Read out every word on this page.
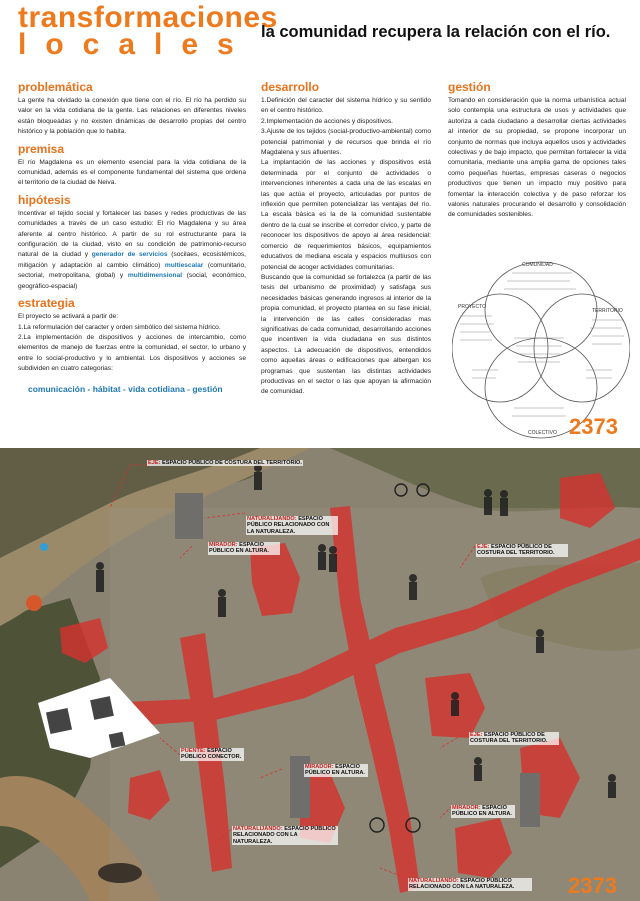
transformaciones
locales la comunidad recupera la relación con el río.
problemática

La gente ha olvidado la conexión que tiene con el río. El río ha perdido su valor en la vida cotidiana de la gente. Las relaciones en diferentes niveles están bloqueadas y no existen dinámicas de desarrollo propias del centro histórico y la población que lo habita.

premisa

El río Magdalena es un elemento esencial para la vida cotidiana de la comunidad, además es el componente fundamental del sistema que ordena el territorio de la ciudad de Neiva.

hipótesis

Incentivar el tejido social y fortalecer las bases y redes productivas de las comunidades a través de un caso estudio: El río Magdalena y su área aferente al centro histórico. A partir de su rol estructurante para la configuración de la ciudad, visto en su condición de patrimonio-recurso natural de la ciudad y generador de servicios (socilaes, ecosistémicos, mitigación y adaptación al cambio climático) multiescalar (comunitario, sectorial, metropolitana, global) y multidimensional (social, económico, geográfico-espacial)

estrategia

El proyecto se activará a partir de:

1.La reformulación del caracter y orden simbólico del sistema hídrico.

2.La implementación de dispositivos y acciones de intercambio, como elementos de manejo de fuerzas entre la comunidad, el sector, lo urbano y entre lo social-productivo y lo ambiental. Los dispositivos y acciones se subdividen en cuatro categorias:

comunicación - hábitat - vida cotidiana - gestión
desarrollo

1.Definición del caracter del sistema hídrico y su sentido en el centro histórico.

2.Implementación de acciones y dispositivos.

3.Ajuste de los tejidos (social-productivo-ambiental) como potencial patrimonial y de recursos que brinda el río Magdalena y sus afluentes.

La implantación de las acciones y dispositivos está determinada por el conjunto de actividades o intervenciones inherentes a cada una de las escalas en las que actúa el proyecto, articuladas por puntos de inflexión que permiten potencializar las ventajas del río. La escala básica es la de la comunidad sustentable dentro de la cual se inscribe el corredor cívico, y parte de reconocer los dispositivos de apoyo al área residencial: comercio de requerimientos básicos, equipamientos educativos de mediana escala y espacios multiusos con potencial de acoger actividades comunitarias.

Buscando que la comunidad se fortalezca (a partir de las tesis del urbanismo de proximidad) y satisfaga sus necesidades básicas generando ingresos al interior de la propia comunidad, el proyecto plantea en su fase inicial, la intervención de las calles consideradas mas significativas de cada comunidad, desarrollando acciones que incentiven la vida ciudadana en sus distintos aspectos. La adecuación de dispositivos, entendidos como aquellas áreas o edificaciones que albergan los programas que sustentan las distintas actividades productivas en el sector o las que apoyan la afirmación de comunidad.

gestión

Tomando en consideración que la norma urbanística actual solo contempla una estructura de usos y actividades que autoriza a cada ciudadano a desarrollar ciertas actividades al interior de su propiedad, se propone incorporar un conjunto de normas que incluya aquellos usos y actividades colectivas y de bajo impacto, que permitan fortalecer la vida comunitaria, mediante una amplia gama de opciones tales como pequeñas huertas, empresas caseras o negocios productivos que tienen un impacto muy positivo para fomentar la interacción colectiva y de paso reforzar los valores naturales procurando el desarrollo y consolidación de comunidades sostenibles.

COMUNIDAD
PROYECTO
TERRITORIO
COLECTIVO 2373
EJE: ESPACIO PÚBLICO DE COSTURA DEL TERRITORIO.
NATURALIJANDO: ESPACIO PÚBLICO RELACIONADO CON LA NATURALEZA.
MIRADOR: ESPACIO PÚBLICO EN ALTURA.
EJE: ESPACIO PÚBLICO DE COSTURA DEL TERRITORIO.
PUENTE: ESPACIO PÚBLICO CONECTOR.
MIRADOR: ESPACIO PÚBLICO EN ALTURA.
EJE: ESPACIO PÚBLICO DE COSTURA DEL TERRITORIO.
MIRADOR: ESPACIO PÚBLICO EN ALTURA.
NATURALIJANDO: ESPACIO PÚBLICO RELACIONADO CON LA NATURALEZA.
NATURALIJANDO: ESPACIO PÚBLICO RELACIONADO CON LA NATURALEZA.	2373
